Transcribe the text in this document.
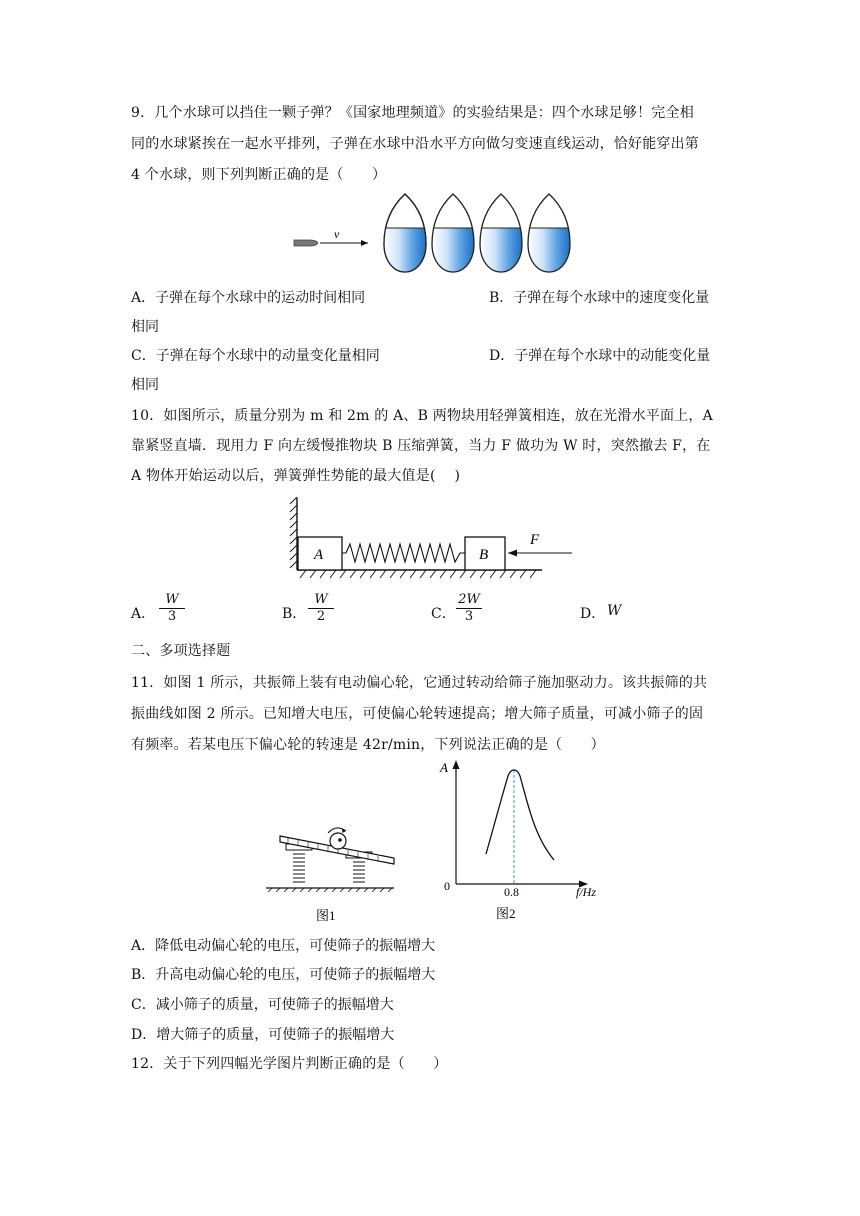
9．几个水球可以挡住一颗子弹？《国家地理频道》的实验结果是：四个水球足够！完全相
同的水球紧挨在一起水平排列，子弹在水球中沿水平方向做匀变速直线运动，恰好能穿出第
4 个水球，则下列判断正确的是（　　）
v
A．子弹在每个水球中的运动时间相同	B．子弹在每个水球中的速度变化量
相同
C．子弹在每个水球中的动量变化量相同	D．子弹在每个水球中的动能变化量
相同
10．如图所示，质量分别为 m 和 2m 的 A、B 两物块用轻弹簧相连，放在光滑水平面上，A
靠紧竖直墙．现用力 F 向左缓慢推物块 B 压缩弹簧，当力 F 做功为 W 时，突然撤去 F，在
A 物体开始运动以后，弹簧弹性势能的最大值是(　 )
A	B
F
A． $\frac{W}{3}$	B． $\frac{W}{2}$	C． $\frac{2W}{3}$	D． W
二、多项选择题
11．如图 1 所示，共振筛上装有电动偏心轮，它通过转动给筛子施加驱动力。该共振筛的共
振曲线如图 2 所示。已知增大电压，可使偏心轮转速提高；增大筛子质量，可减小筛子的固
有频率。若某电压下偏心轮的转速是 42r/min，下列说法正确的是（　　）
图1
A
0	0.8	f/Hz
图2
A．降低电动偏心轮的电压，可使筛子的振幅增大
B．升高电动偏心轮的电压，可使筛子的振幅增大
C．减小筛子的质量，可使筛子的振幅增大
D．增大筛子的质量，可使筛子的振幅增大
12．关于下列四幅光学图片判断正确的是（　　）
